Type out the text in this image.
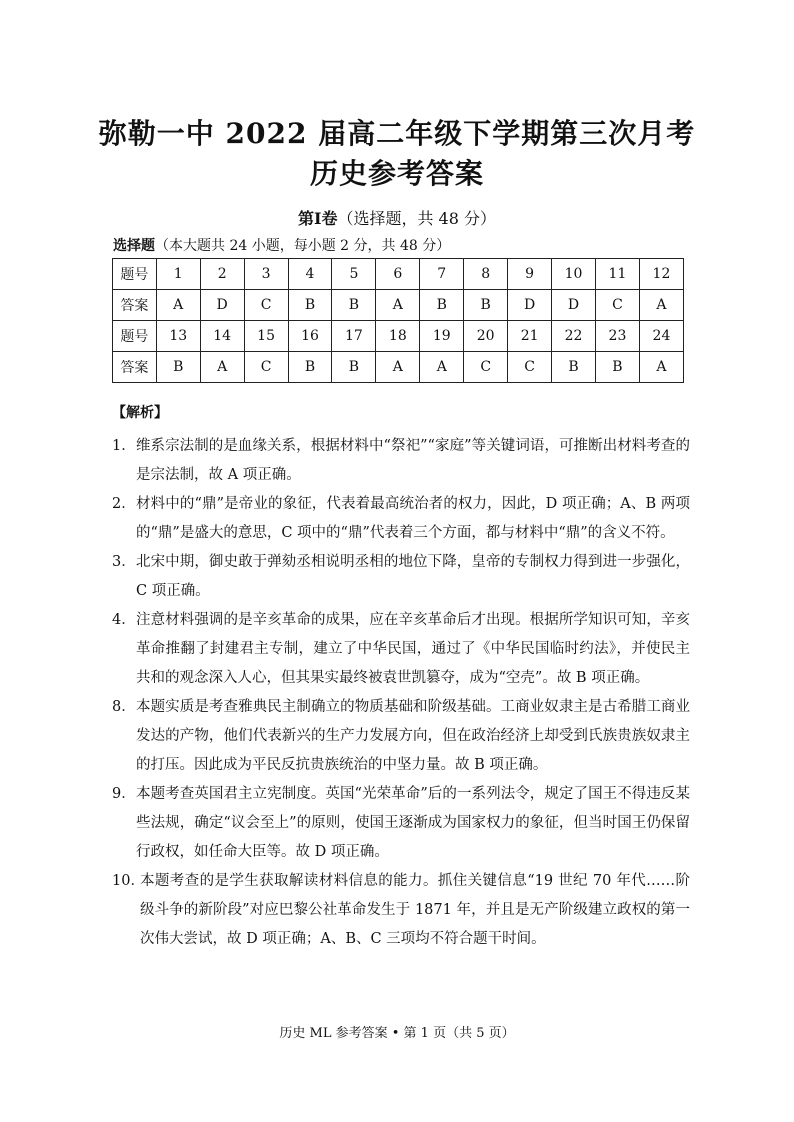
弥勒一中 2022 届高二年级下学期第三次月考
历史参考答案
第Ⅰ卷（选择题，共 48 分）
选择题（本大题共 24 小题，每小题 2 分，共 48 分）
题号	1	2	3	4	5	6	7	8	9	10	11	12
答案	A	D	C	B	B	A	B	B	D	D	C	A
题号	13	14	15	16	17	18	19	20	21	22	23	24
答案	B	A	C	B	B	A	A	C	C	B	B	A
【解析】
1． 维系宗法制的是血缘关系，根据材料中“祭祀”“家庭”等关键词语，可推断出材料考查的是宗法制，故 A 项正确。

2． 材料中的“鼎”是帝业的象征，代表着最高统治者的权力，因此，D 项正确；A、B 两项的“鼎”是盛大的意思，C 项中的“鼎”代表着三个方面，都与材料中“鼎”的含义不符。

3． 北宋中期，御史敢于弹劾丞相说明丞相的地位下降，皇帝的专制权力得到进一步强化，C 项正确。

4． 注意材料强调的是辛亥革命的成果，应在辛亥革命后才出现。根据所学知识可知，辛亥革命推翻了封建君主专制，建立了中华民国，通过了《中华民国临时约法》，并使民主共和的观念深入人心，但其果实最终被袁世凯篡夺，成为“空壳”。故 B 项正确。

8． 本题实质是考查雅典民主制确立的物质基础和阶级基础。工商业奴隶主是古希腊工商业发达的产物，他们代表新兴的生产力发展方向，但在政治经济上却受到氏族贵族奴隶主的打压。因此成为平民反抗贵族统治的中坚力量。故 B 项正确。

9． 本题考查英国君主立宪制度。英国“光荣革命”后的一系列法令，规定了国王不得违反某些法规，确定“议会至上”的原则，使国王逐渐成为国家权力的象征，但当时国王仍保留行政权，如任命大臣等。故 D 项正确。

10．

本题考查的是学生获取解读材料信息的能力。抓住关键信息“19 世纪 70 年代……阶级斗争的新阶段”对应巴黎公社革命发生于 1871 年，并且是无产阶级建立政权的第一次伟大尝试，故 D 项正确；A、B、C 三项均不符合题干时间。

历史 ML 参考答案 • 第 1 页（共 5 页）
